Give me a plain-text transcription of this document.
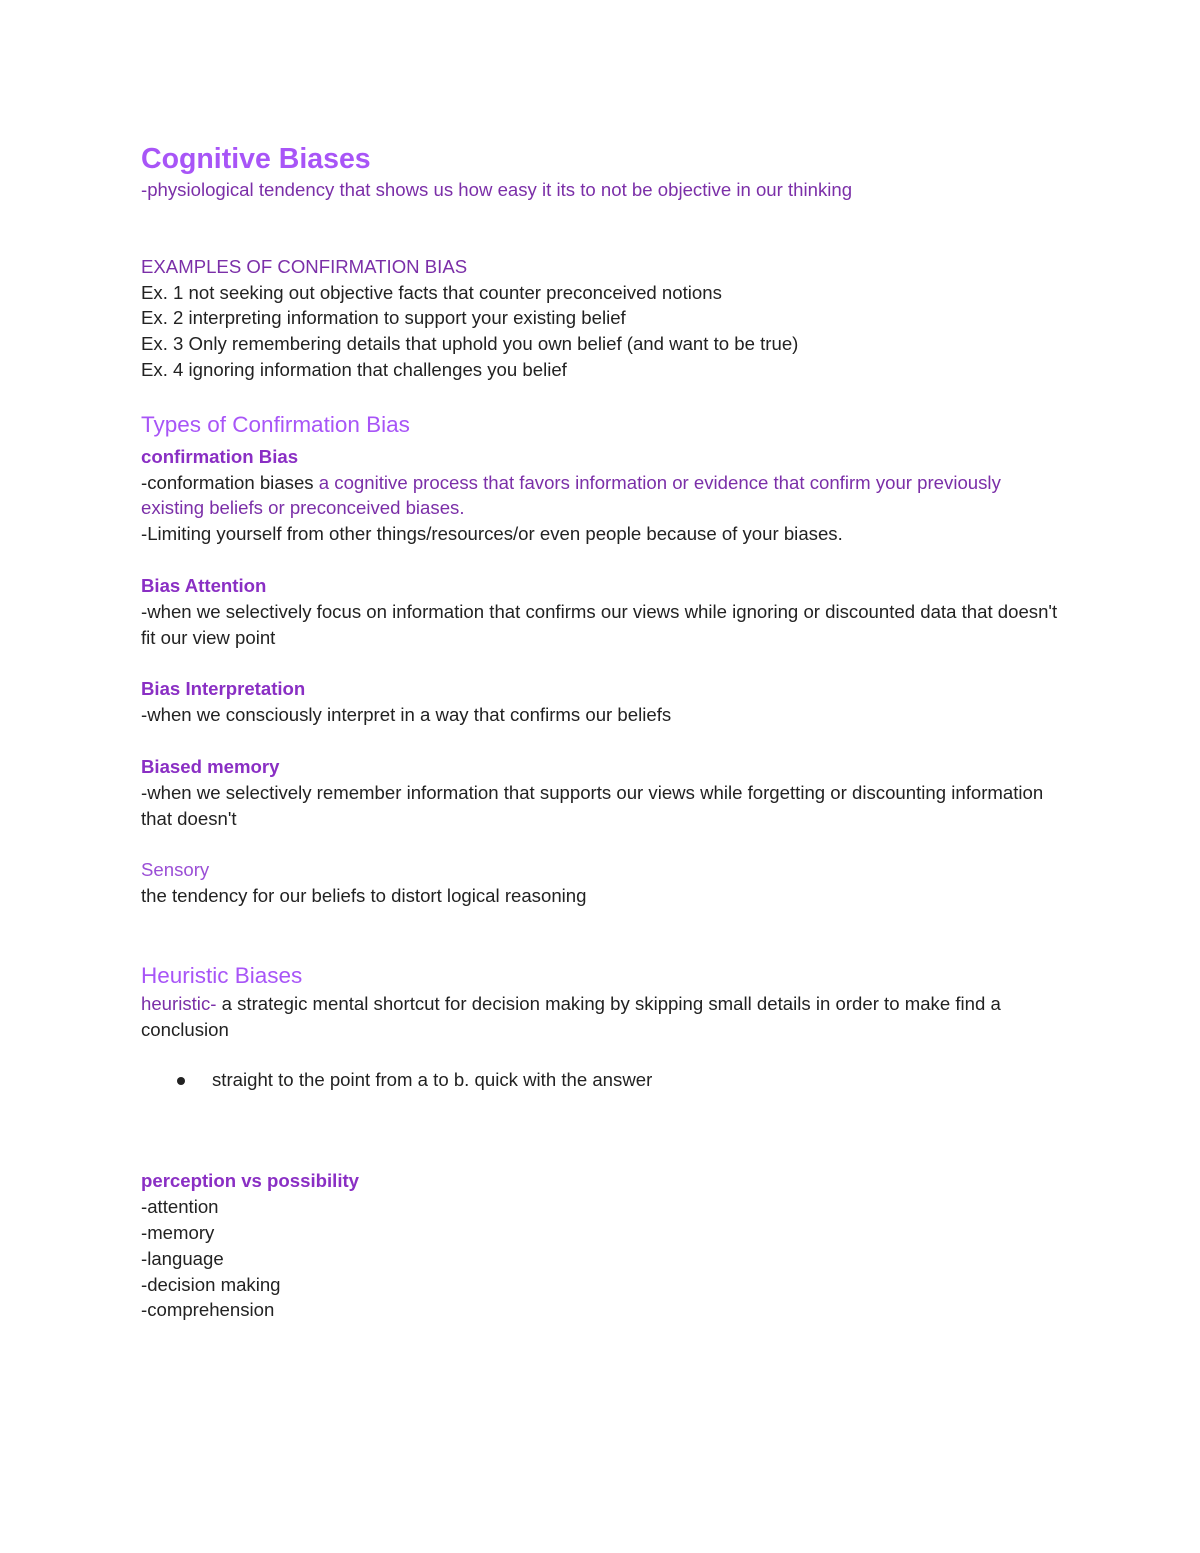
Cognitive Biases

-physiological tendency that shows us how easy it its to not be objective in our thinking

EXAMPLES OF CONFIRMATION BIAS

Ex. 1 not seeking out objective facts that counter preconceived notions

Ex. 2 interpreting information to support your existing belief

Ex. 3 Only remembering details that uphold you own belief (and want to be true)

Ex. 4 ignoring information that challenges you belief

Types of Confirmation Bias

confirmation Bias

-conformation biases a cognitive process that favors information or evidence that confirm your previously existing beliefs or preconceived biases.

-Limiting yourself from other things/resources/or even people because of your biases.

Bias Attention

-when we selectively focus on information that confirms our views while ignoring or discounted data that doesn't fit our view point

Bias Interpretation

-when we consciously interpret in a way that confirms our beliefs

Biased memory

-when we selectively remember information that supports our views while forgetting or discounting information that doesn't

Sensory

the tendency for our beliefs to distort logical reasoning

Heuristic Biases

heuristic- a strategic mental shortcut for decision making by skipping small details in order to make find a conclusion

straight to the point from a to b. quick with the answer

perception vs possibility

-attention

-memory

-language

-decision making

-comprehension
